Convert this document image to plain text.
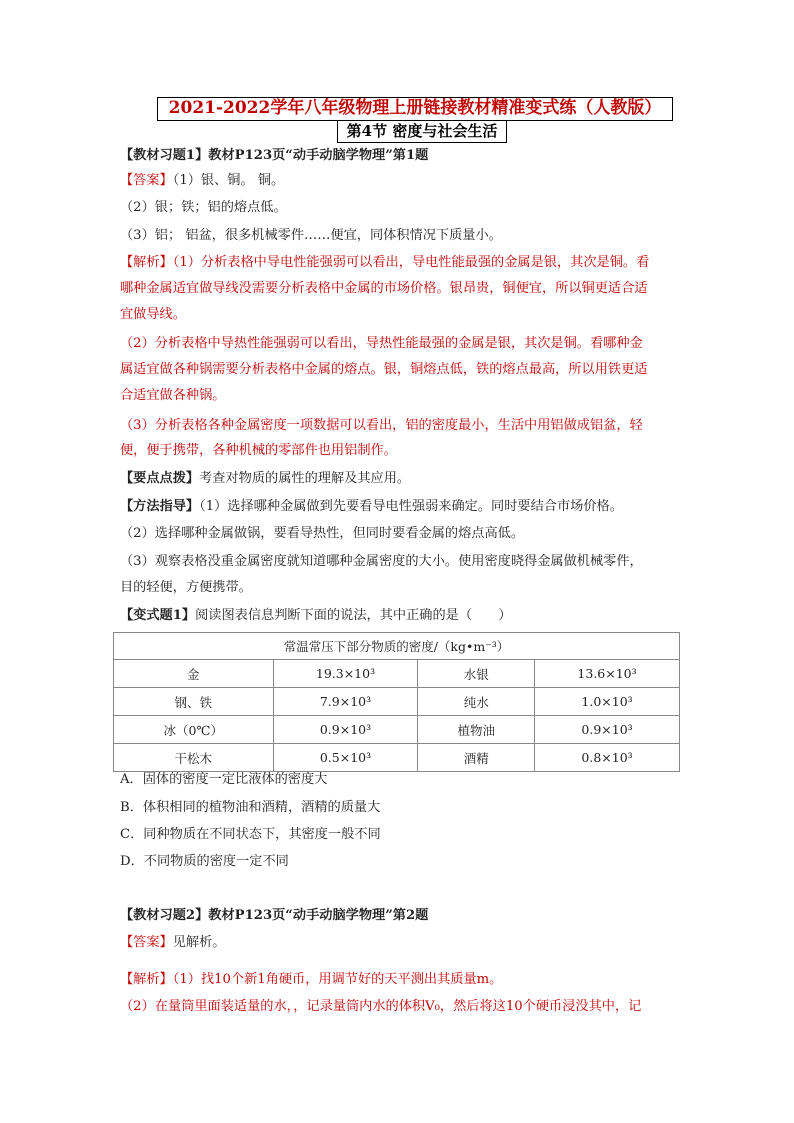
2021-2022学年八年级物理上册链接教材精准变式练（人教版）
第4节 密度与社会生活
【教材习题1】教材P123页“动手动脑学物理”第1题
【答案】（1）银、铜。 铜。
（2）银；铁；铝的熔点低。
（3）铝； 铝盆，很多机械零件……便宜，同体积情况下质量小。
【解析】（1）分析表格中导电性能强弱可以看出，导电性能最强的金属是银，其次是铜。看
哪种金属适宜做导线没需要分析表格中金属的市场价格。银昂贵，铜便宜，所以铜更适合适
宜做导线。
（2）分析表格中导热性能强弱可以看出，导热性能最强的金属是银，其次是铜。看哪种金
属适宜做各种锅需要分析表格中金属的熔点。银，铜熔点低，铁的熔点最高，所以用铁更适
合适宜做各种锅。
（3）分析表格各种金属密度一项数据可以看出，铝的密度最小，生活中用铝做成铝盆，轻
便，便于携带，各种机械的零部件也用铝制作。
【要点点拨】考查对物质的属性的理解及其应用。
【方法指导】（1）选择哪种金属做到先要看导电性强弱来确定。同时要结合市场价格。
（2）选择哪种金属做锅，要看导热性，但同时要看金属的熔点高低。
（3）观察表格没重金属密度就知道哪种金属密度的大小。使用密度晓得金属做机械零件，
目的轻便，方便携带。
【变式题1】阅读图表信息判断下面的说法，其中正确的是（　　）
常温常压下部分物质的密度/（kg•m⁻³）			
金	19.3×10³	水银	13.6×10³
钢、铁	7.9×10³	纯水	1.0×10³
冰（0℃）	0.9×10³	植物油	0.9×10³
干松木	0.5×10³	酒精	0.8×10³
A．固体的密度一定比液体的密度大
B．体积相同的植物油和酒精，酒精的质量大
C．同种物质在不同状态下，其密度一般不同
D．不同物质的密度一定不同
【教材习题2】教材P123页“动手动脑学物理”第2题
【答案】见解析。
【解析】（1）找10个新1角硬币，用调节好的天平测出其质量m。
（2）在量筒里面装适量的水，，记录量筒内水的体积V₀，然后将这10个硬币浸没其中，记
